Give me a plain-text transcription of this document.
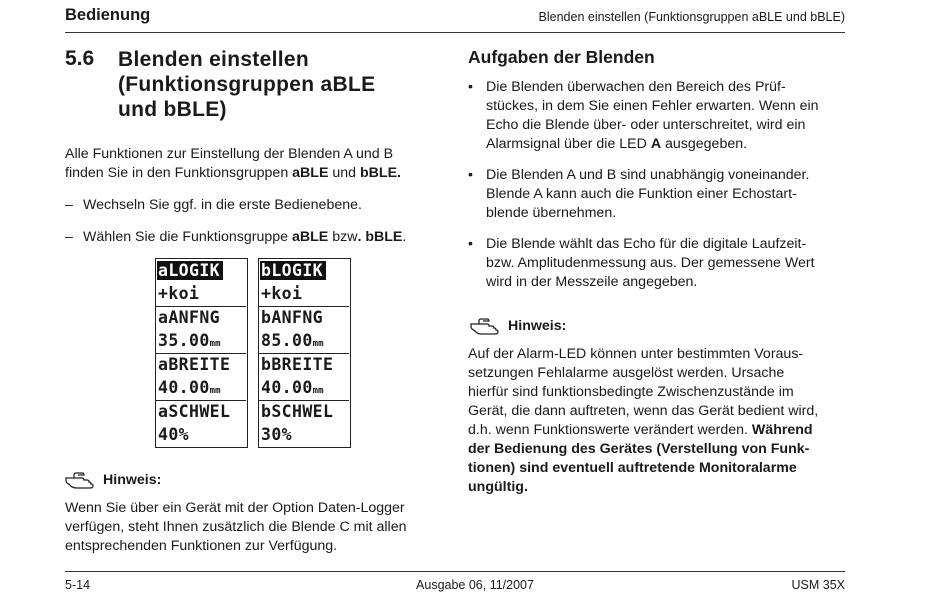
Bedienung	Blenden einstellen (Funktionsgruppen aBLE und bBLE)
5.6 Blenden einstellen
(Funktionsgruppen aBLE
und bBLE)
Alle Funktionen zur Einstellung der Blenden A und B
finden Sie in den Funktionsgruppen aBLE und bBLE.
– Wechseln Sie ggf. in die erste Bedienebene.
– Wählen Sie die Funktionsgruppe aBLE bzw. bBLE.
aLOGIK
+koi
aANFNG
35.00mm
aBREITE
40.00mm
aSCHWEL
40%
bLOGIK
+koi
bANFNG
85.00mm
bBREITE
40.00mm
bSCHWEL
30%
Hinweis:
Wenn Sie über ein Gerät mit der Option Daten-Logger
verfügen, steht Ihnen zusätzlich die Blende C mit allen
entsprechenden Funktionen zur Verfügung.
Aufgaben der Blenden
• Die Blenden überwachen den Bereich des Prüf-
stückes, in dem Sie einen Fehler erwarten. Wenn ein
Echo die Blende über- oder unterschreitet, wird ein
Alarmsignal über die LED A ausgegeben.
• Die Blenden A und B sind unabhängig voneinander.
Blende A kann auch die Funktion einer Echostart-
blende übernehmen.
• Die Blende wählt das Echo für die digitale Laufzeit-
bzw. Amplitudenmessung aus. Der gemessene Wert
wird in der Messzeile angegeben.
Hinweis:
Auf der Alarm-LED können unter bestimmten Voraus-
setzungen Fehlalarme ausgelöst werden. Ursache
hierfür sind funktionsbedingte Zwischenzustände im
Gerät, die dann auftreten, wenn das Gerät bedient wird,
d.h. wenn Funktionswerte verändert werden. Während
der Bedienung des Gerätes (Verstellung von Funk-
tionen) sind eventuell auftretende Monitoralarme
ungültig.
5-14	Ausgabe 06, 11/2007	USM 35X
